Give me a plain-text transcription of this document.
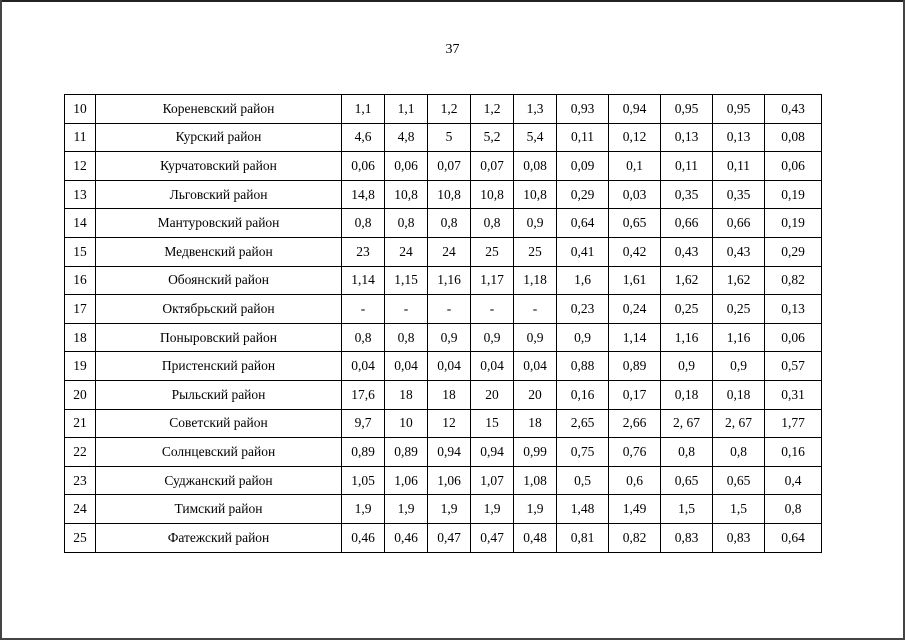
37
10	Кореневский район	1,1	1,1	1,2	1,2	1,3	0,93	0,94	0,95	0,95	0,43
11	Курский район	4,6	4,8	5	5,2	5,4	0,11	0,12	0,13	0,13	0,08
12	Курчатовский район	0,06	0,06	0,07	0,07	0,08	0,09	0,1	0,11	0,11	0,06
13	Льговский район	14,8	10,8	10,8	10,8	10,8	0,29	0,03	0,35	0,35	0,19
14	Мантуровский район	0,8	0,8	0,8	0,8	0,9	0,64	0,65	0,66	0,66	0,19
15	Медвенский район	23	24	24	25	25	0,41	0,42	0,43	0,43	0,29
16	Обоянский район	1,14	1,15	1,16	1,17	1,18	1,6	1,61	1,62	1,62	0,82
17	Октябрьский район	-	-	-	-	-	0,23	0,24	0,25	0,25	0,13
18	Поныровский район	0,8	0,8	0,9	0,9	0,9	0,9	1,14	1,16	1,16	0,06
19	Пристенский район	0,04	0,04	0,04	0,04	0,04	0,88	0,89	0,9	0,9	0,57
20	Рыльский район	17,6	18	18	20	20	0,16	0,17	0,18	0,18	0,31
21	Советский район	9,7	10	12	15	18	2,65	2,66	2, 67	2, 67	1,77
22	Солнцевский район	0,89	0,89	0,94	0,94	0,99	0,75	0,76	0,8	0,8	0,16
23	Суджанский район	1,05	1,06	1,06	1,07	1,08	0,5	0,6	0,65	0,65	0,4
24	Тимский район	1,9	1,9	1,9	1,9	1,9	1,48	1,49	1,5	1,5	0,8
25	Фатежский район	0,46	0,46	0,47	0,47	0,48	0,81	0,82	0,83	0,83	0,64
